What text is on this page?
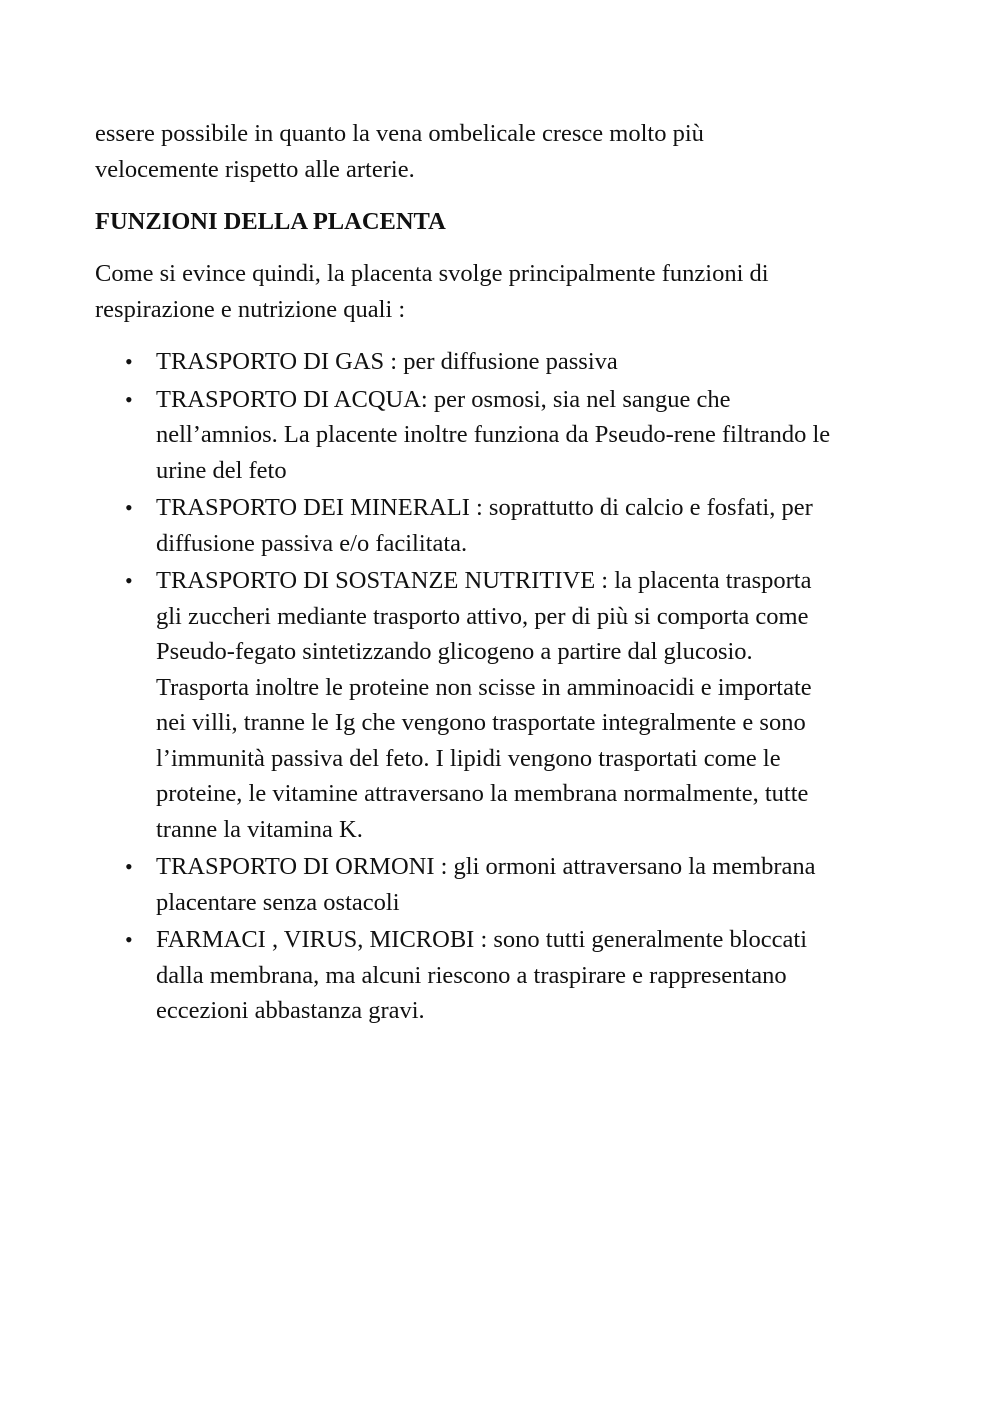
essere possibile in quanto la vena ombelicale cresce molto più
velocemente rispetto alle arterie.

FUNZIONI DELLA PLACENTA

Come si evince quindi, la placenta svolge principalmente funzioni di
respirazione e nutrizione quali :

• TRASPORTO DI GAS : per diffusione passiva
• TRASPORTO DI ACQUA: per osmosi, sia nel sangue che
nell’amnios. La placente inoltre funziona da Pseudo-rene filtrando le
urine del feto
• TRASPORTO DEI MINERALI : soprattutto di calcio e fosfati, per
diffusione passiva e/o facilitata.
• TRASPORTO DI SOSTANZE NUTRITIVE : la placenta trasporta
gli zuccheri mediante trasporto attivo, per di più si comporta come
Pseudo-fegato sintetizzando glicogeno a partire dal glucosio.
Trasporta inoltre le proteine non scisse in amminoacidi e importate
nei villi, tranne le Ig che vengono trasportate integralmente e sono
l’immunità passiva del feto. I lipidi vengono trasportati come le
proteine, le vitamine attraversano la membrana normalmente, tutte
tranne la vitamina K.
• TRASPORTO DI ORMONI : gli ormoni attraversano la membrana
placentare senza ostacoli
• FARMACI , VIRUS, MICROBI : sono tutti generalmente bloccati
dalla membrana, ma alcuni riescono a traspirare e rappresentano
eccezioni abbastanza gravi.
